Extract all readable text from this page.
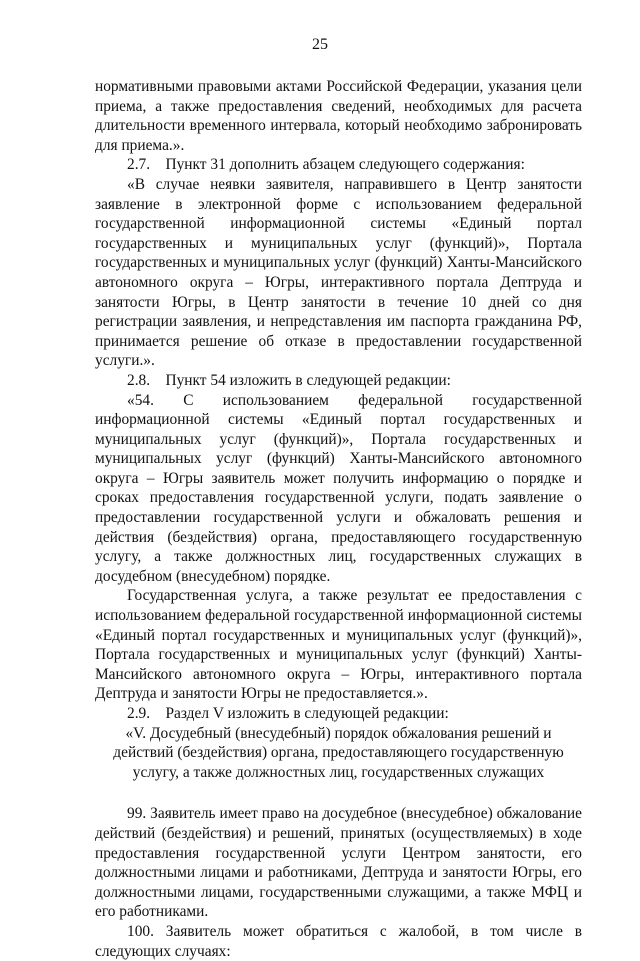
25

нормативными правовыми актами Российской Федерации, указания цели приема, а также предоставления сведений, необходимых для расчета длительности временного интервала, который необходимо забронировать для приема.».

2.7. Пункт 31 дополнить абзацем следующего содержания:

«В случае неявки заявителя, направившего в Центр занятости заявление в электронной форме с использованием федеральной государственной информационной системы «Единый портал государственных и муниципальных услуг (функций)», Портала государственных и муниципальных услуг (функций) Ханты-Мансийского автономного округа – Югры, интерактивного портала Дептруда и занятости Югры, в Центр занятости в течение 10 дней со дня регистрации заявления, и непредставления им паспорта гражданина РФ, принимается решение об отказе в предоставлении государственной услуги.».

2.8. Пункт 54 изложить в следующей редакции:

«54. С использованием федеральной государственной информационной системы «Единый портал государственных и муниципальных услуг (функций)», Портала государственных и муниципальных услуг (функций) Ханты-Мансийского автономного округа – Югры заявитель может получить информацию о порядке и сроках предоставления государственной услуги, подать заявление о предоставлении государственной услуги и обжаловать решения и действия (бездействия) органа, предоставляющего государственную услугу, а также должностных лиц, государственных служащих в досудебном (внесудебном) порядке.

Государственная услуга, а также результат ее предоставления с использованием федеральной государственной информационной системы «Единый портал государственных и муниципальных услуг (функций)», Портала государственных и муниципальных услуг (функций) Ханты-Мансийского автономного округа – Югры, интерактивного портала Дептруда и занятости Югры не предоставляется.».

2.9. Раздел V изложить в следующей редакции:

«V. Досудебный (внесудебный) порядок обжалования решений и действий (бездействия) органа, предоставляющего государственную услугу, а также должностных лиц, государственных служащих

99. Заявитель имеет право на досудебное (внесудебное) обжалование действий (бездействия) и решений, принятых (осуществляемых) в ходе предоставления государственной услуги Центром занятости, его должностными лицами и работниками, Дептруда и занятости Югры, его должностными лицами, государственными служащими, а также МФЦ и его работниками.

100. Заявитель может обратиться с жалобой, в том числе в следующих случаях:
